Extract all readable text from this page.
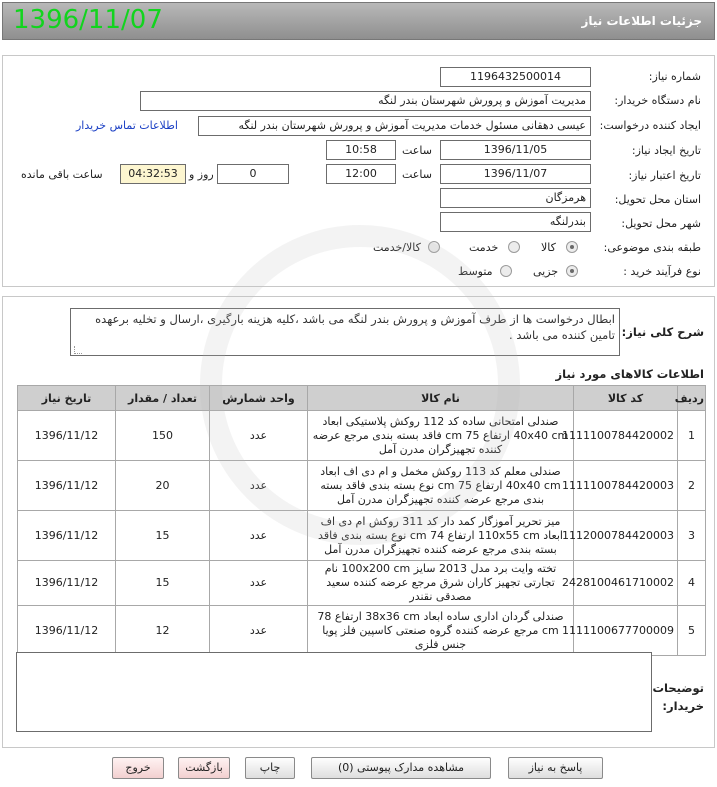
1396/11/07	جزئیات اطلاعات نیاز
شماره نیاز:
1196432500014
نام دستگاه خریدار:
مدیریت آموزش و پرورش شهرستان بندر لنگه
ایجاد کننده درخواست:
عیسی دهقانی مسئول خدمات مدیریت آموزش و پرورش شهرستان بندر لنگه
اطلاعات تماس خریدار
تاریخ ایجاد نیاز:
1396/11/05
ساعت
10:58
تاریخ اعتبار نیاز:
1396/11/07
ساعت
12:00
0
روز و
04:32:53
ساعت باقی مانده
استان محل تحویل:
هرمزگان
شهر محل تحویل:
بندرلنگه
طبقه بندی موضوعی:
کالا
خدمت
کالا/خدمت
نوع فرآیند خرید :
جزیی
متوسط
شرح کلی نیاز:
ابطال درخواست ها از طرف آموزش و پرورش بندر لنگه می باشد ،کلیه هزینه بارگیری ،ارسال و تخلیه برعهده تامین کننده می باشد .
اطلاعات کالاهای مورد نیاز
ردیف	کد کالا	نام کالا	واحد شمارش	تعداد / مقدار	تاریخ نیاز
1	1111100784420002	صندلی امتحانی ساده کد 112 روکش پلاستیکی ابعاد 40x40 cm ارتفاع 75 cm فاقد بسته بندی مرجع عرضه کننده تجهیزگران مدرن آمل	عدد	150	1396/11/12
2	1111100784420003	صندلی معلم کد 113 روکش مخمل و ام دی اف ابعاد 40x40 cm ارتفاع 75 cm نوع بسته بندی فاقد بسته بندی مرجع عرضه کننده تجهیزگران مدرن آمل	عدد	20	1396/11/12
3	1112000784420003	میز تحریر آموزگار کمد دار کد 311 روکش ام دی اف ابعاد 110x55 cm ارتفاع 74 cm نوع بسته بندی فاقد بسته بندی مرجع عرضه کننده تجهیزگران مدرن آمل	عدد	15	1396/11/12
4	2428100461710002	تخته وایت برد مدل 2013 سایز 100x200 cm نام تجارتی تجهیز کاران شرق مرجع عرضه کننده سعید مصدقی نقندر	عدد	15	1396/11/12
5	1111100677700009	صندلی گردان اداری ساده ابعاد 38x36 cm ارتفاع 78 cm مرجع عرضه کننده گروه صنعتی کاسپین فلز پویا جنس فلزی	عدد	12	1396/11/12
توضیحات خریدار:
پاسخ به نیاز
مشاهده مدارک پیوستی (0)
چاپ
بازگشت
خروج
